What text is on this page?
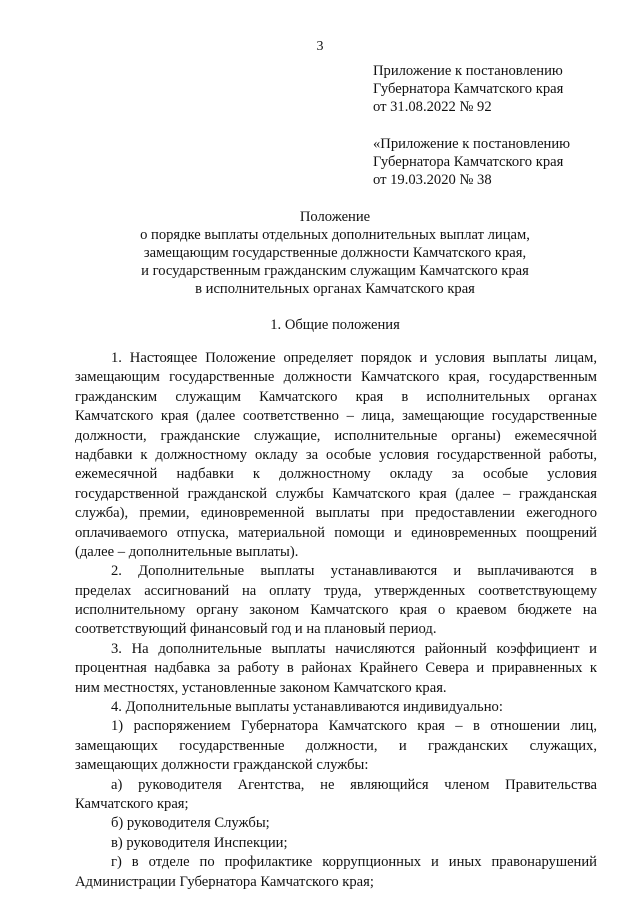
3
Приложение к постановлению
Губернатора Камчатского края
от 31.08.2022 № 92
«Приложение к постановлению
Губернатора Камчатского края
от 19.03.2020 № 38
Положение
о порядке выплаты отдельных дополнительных выплат лицам,
замещающим государственные должности Камчатского края,
и государственным гражданским служащим Камчатского края
в исполнительных органах Камчатского края
1. Общие положения
1. Настоящее Положение определяет порядок и условия выплаты лицам,
замещающим государственные должности Камчатского края, государственным
гражданским служащим Камчатского края в исполнительных органах
Камчатского края (далее соответственно – лица, замещающие государственные
должности, гражданские служащие, исполнительные органы) ежемесячной
надбавки к должностному окладу за особые условия государственной работы,
ежемесячной надбавки к должностному окладу за особые условия
государственной гражданской службы Камчатского края (далее – гражданская
служба), премии, единовременной выплаты при предоставлении ежегодного
оплачиваемого отпуска, материальной помощи и единовременных поощрений
(далее – дополнительные выплаты).
2. Дополнительные выплаты устанавливаются и выплачиваются в
пределах ассигнований на оплату труда, утвержденных соответствующему
исполнительному органу законом Камчатского края о краевом бюджете на
соответствующий финансовый год и на плановый период.
3. На дополнительные выплаты начисляются районный коэффициент и
процентная надбавка за работу в районах Крайнего Севера и приравненных к
ним местностях, установленные законом Камчатского края.
4. Дополнительные выплаты устанавливаются индивидуально:
1) распоряжением Губернатора Камчатского края – в отношении лиц,
замещающих государственные должности, и гражданских служащих,
замещающих должности гражданской службы:
а) руководителя Агентства, не являющийся членом Правительства
Камчатского края;
б) руководителя Службы;
в) руководителя Инспекции;
г) в отделе по профилактике коррупционных и иных правонарушений
Администрации Губернатора Камчатского края;
